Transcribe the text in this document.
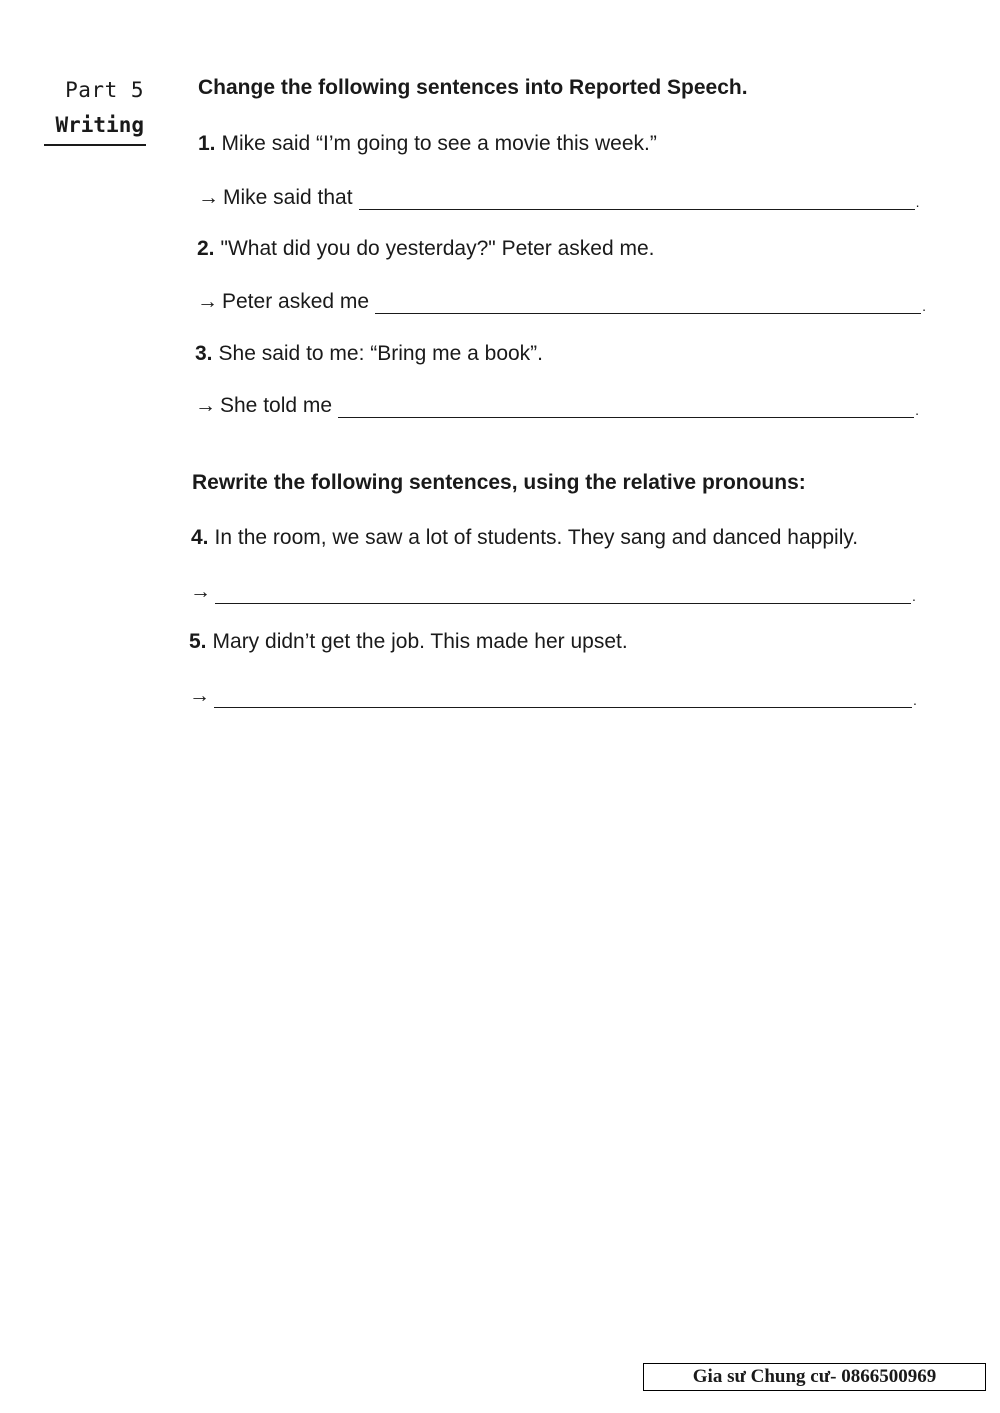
Part 5
Writing
Change the following sentences into Reported Speech.
1. Mike said “I’m going to see a movie this week.”
→ Mike said that	.
2. "What did you do yesterday?" Peter asked me.
→ Peter asked me	.
3. She said to me: “Bring me a book”.
→ She told me	.
Rewrite the following sentences, using the relative pronouns:
4. In the room, we saw a lot of students. They sang and danced happily.
→	.
5. Mary didn’t get the job. This made her upset.
→	.
Gia sư Chung cư- 0866500969
